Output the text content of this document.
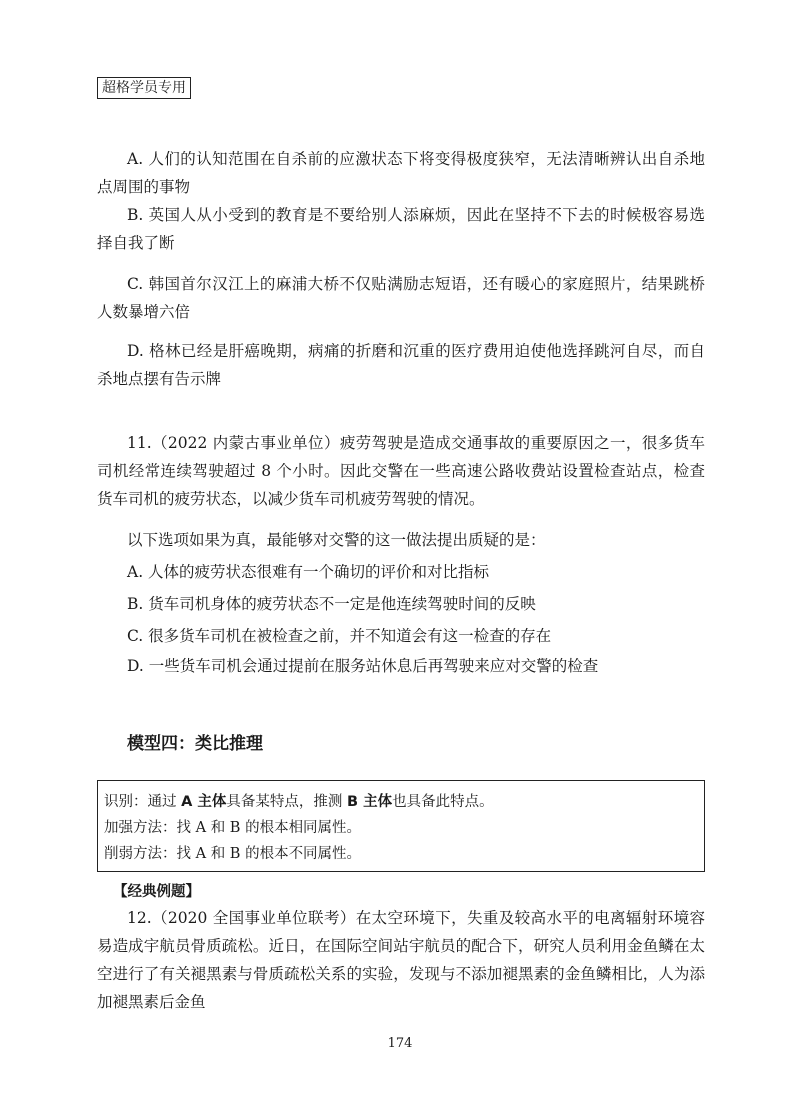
超格学员专用

A. 人们的认知范围在自杀前的应激状态下将变得极度狭窄，无法清晰辨认出自杀地点周围的事物

B. 英国人从小受到的教育是不要给别人添麻烦，因此在坚持不下去的时候极容易选择自我了断

C. 韩国首尔汉江上的麻浦大桥不仅贴满励志短语，还有暖心的家庭照片，结果跳桥人数暴增六倍

D. 格林已经是肝癌晚期，病痛的折磨和沉重的医疗费用迫使他选择跳河自尽，而自杀地点摆有告示牌

11.（2022 内蒙古事业单位）疲劳驾驶是造成交通事故的重要原因之一，很多货车司机经常连续驾驶超过 8 个小时。因此交警在一些高速公路收费站设置检查站点，检查货车司机的疲劳状态，以减少货车司机疲劳驾驶的情况。

以下选项如果为真，最能够对交警的这一做法提出质疑的是：
A. 人体的疲劳状态很难有一个确切的评价和对比指标
B. 货车司机身体的疲劳状态不一定是他连续驾驶时间的反映
C. 很多货车司机在被检查之前，并不知道会有这一检查的存在
D. 一些货车司机会通过提前在服务站休息后再驾驶来应对交警的检查
模型四：类比推理
识别：通过 A 主体具备某特点，推测 B 主体也具备此特点。
加强方法：找 A 和 B 的根本相同属性。
削弱方法：找 A 和 B 的根本不同属性。
【经典例题】

12.（2020 全国事业单位联考）在太空环境下，失重及较高水平的电离辐射环境容易造成宇航员骨质疏松。近日，在国际空间站宇航员的配合下，研究人员利用金鱼鳞在太空进行了有关褪黑素与骨质疏松关系的实验，发现与不添加褪黑素的金鱼鳞相比，人为添加褪黑素后金鱼

174
